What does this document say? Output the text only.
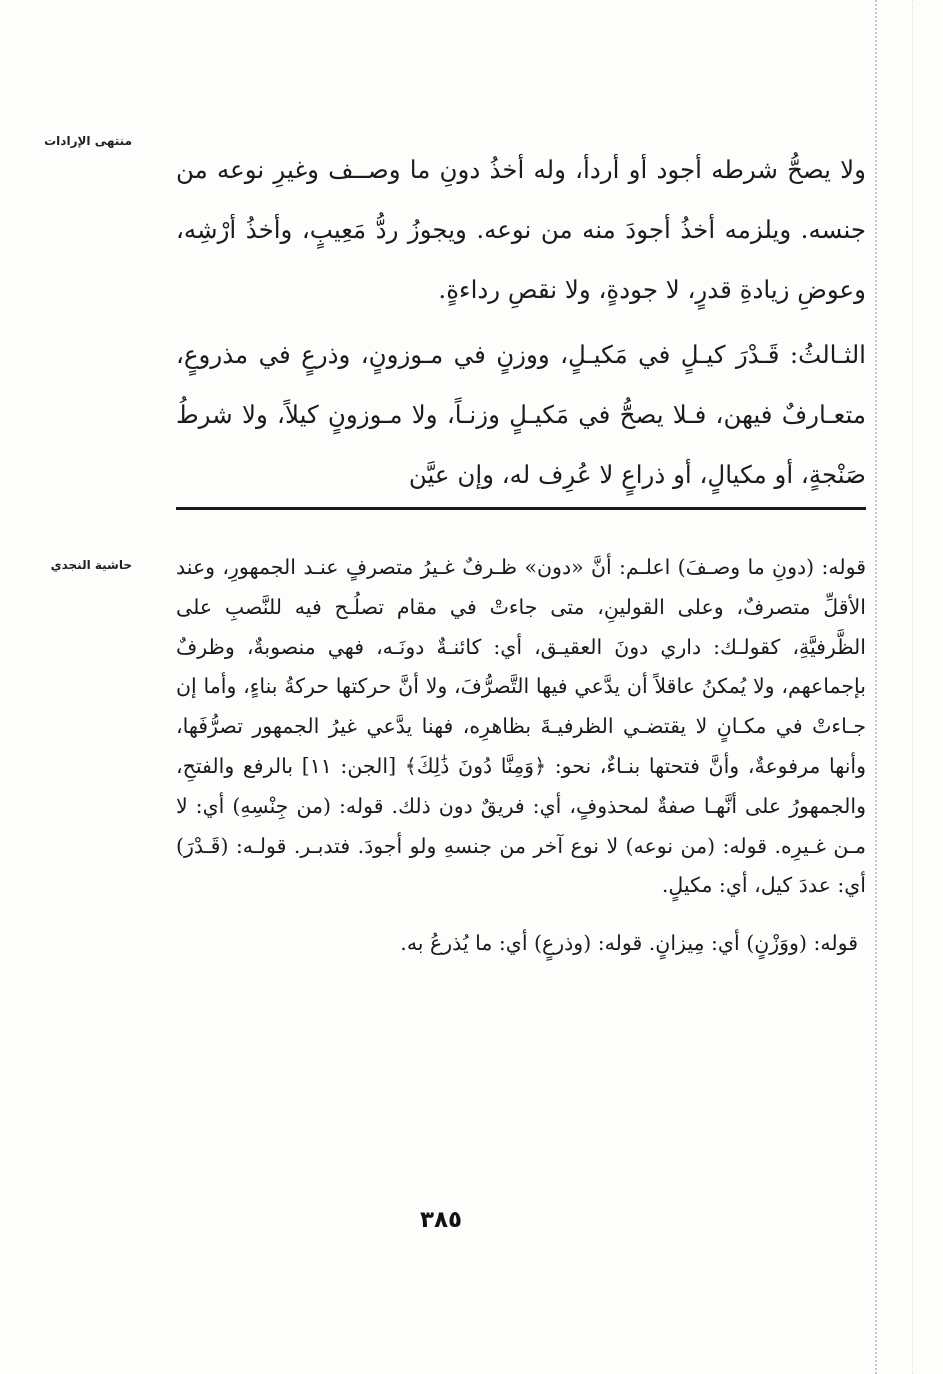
منتهى الإرادات
حاشية النجدي

ولا يصحُّ شرطه أجود أو أردأ، وله أخذُ دونِ ما وصــف وغيرِ نوعه من جنسه. ويلزمه أخذُ أجودَ منه من نوعه. ويجوزُ ردُّ مَعِيبٍ، وأخذُ أرْشِه، وعوضِ زيادةِ قدرٍ، لا جودةٍ، ولا نقصِ رداءةٍ.

الثـالثُ: قَـدْرَ كيـلٍ في مَكيـلٍ، ووزنٍ في مـوزونٍ، وذرعٍ في مذروعٍ، متعـارفٌ فيهن، فـلا يصحُّ في مَكيـلٍ وزنـاً، ولا مـوزونٍ كيلاً، ولا شرطُ صَنْجةٍ، أو مكيالٍ، أو ذراعٍ لا عُرِف له، وإن عيَّن

قوله: (دونِ ما وصـفَ) اعلـم: أنَّ «دون» ظـرفٌ غـيرُ متصرفٍ عنـد الجمهورِ، وعند الأقلِّ متصرفٌ، وعلى القولينِ، متى جاءتْ في مقام تصلُـح فيه للنَّصبِ على الظَّرفيَّةِ، كقولـك: داري دونَ العقيـق، أي: كائنـةٌ دونَـه، فهي منصوبةٌ، وظرفٌ بإجماعهم، ولا يُمكنُ عاقلاً أن يدَّعي فيها التَّصرُّفَ، ولا أنَّ حركتها حركةُ بناءٍ، وأما إن جـاءتْ في مكـانٍ لا يقتضـي الظرفيـةَ بظاهرِه، فهنا يدَّعي غيرُ الجمهور تصرُّفَها، وأنها مرفوعةٌ، وأنَّ فتحتها بنـاءٌ، نحو: ﴿وَمِنَّا دُونَ ذَٰلِكَ﴾ [الجن: ١١] بالرفع والفتحِ، والجمهورُ على أنَّهـا صفةٌ لمحذوفٍ، أي: فريقٌ دون ذلك. قوله: (من جِنْسِهِ) أي: لا مـن غـيرِه. قوله: (من نوعه) لا نوع آخر من جنسهِ ولو أجودَ. فتدبـر. قولـه: (قَـدْرَ) أي: عددَ كيل، أي: مكيلٍ.

قوله: (ووَزْنٍ) أي: مِيزانٍ. قوله: (وذرعٍ) أي: ما يُذرعُ به.

٣٨٥
